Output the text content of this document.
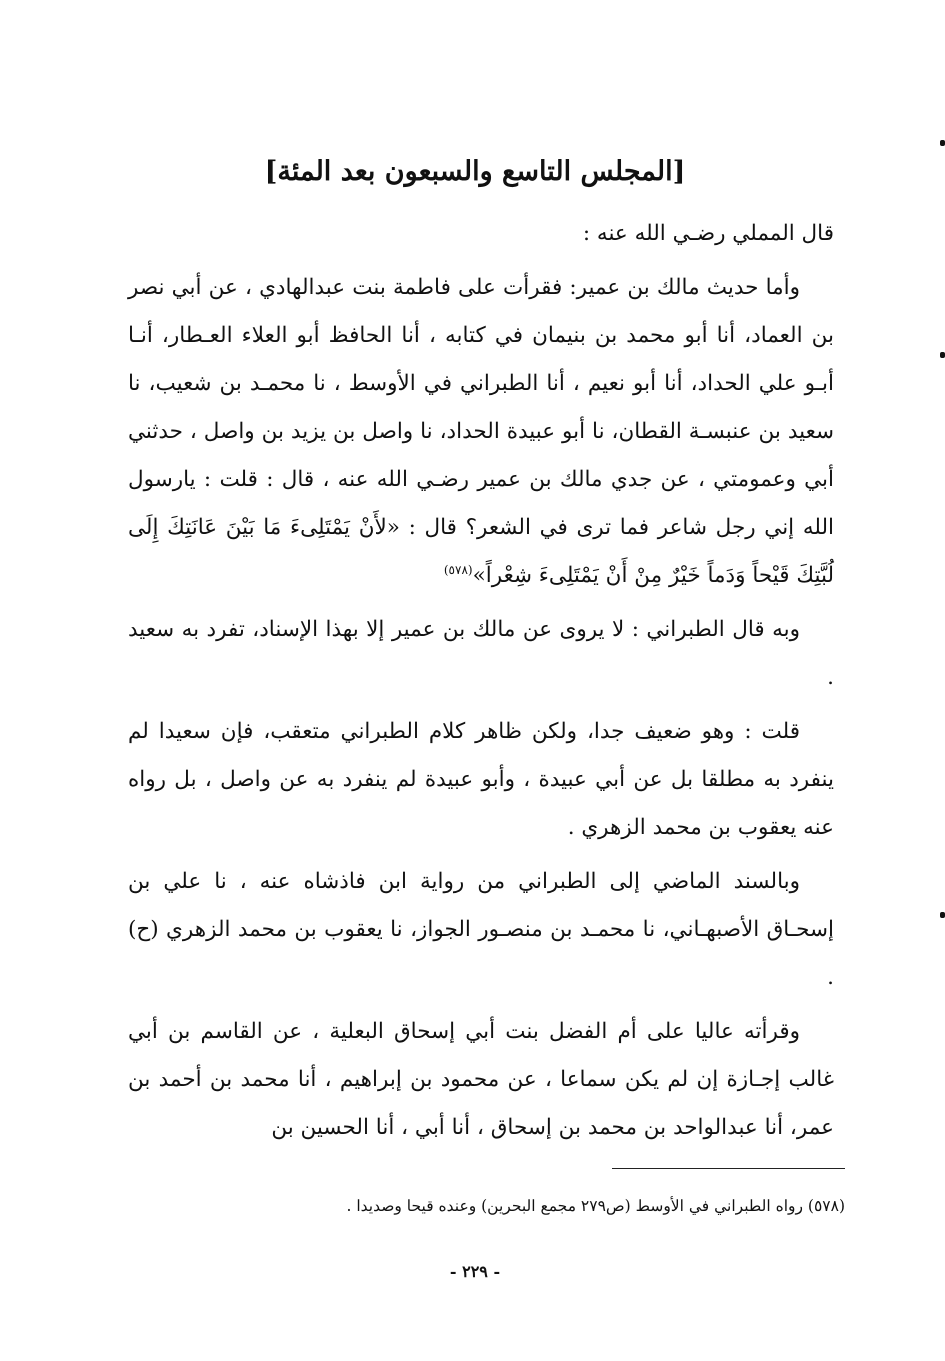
[المجلس التاسع والسبعون بعد المئة]

قال المملي رضـي الله عنه :

وأما حديث مالك بن عمير: فقرأت على فاطمة بنت عبدالهادي ، عن أبي نصر بن العماد، أنا أبو محمد بن بنيمان في كتابه ، أنا الحافظ أبو العلاء العـطار، أنـا أبـو علي الحداد، أنا أبو نعيم ، أنا الطبراني في الأوسط ، نا محمـد بن شعيب، نا سعيد بن عنبسـة القطان، نا أبو عبيدة الحداد، نا واصل بن يزيد بن واصل ، حدثني أبي وعمومتي ، عن جدي مالك بن عمير رضـي الله عنه ، قال : قلت : يارسول الله إني رجل شاعر فما ترى في الشعر؟ قال : «لأَنْ يَمْتَلِىءَ مَا بَيْنَ عَانَتِكَ إِلَى لُبَّتِكَ قَيْحاً وَدَماً خَيْرٌ مِنْ أَنْ يَمْتَلِىءَ شِعْراً»$^{(٥٧٨)}$

وبه قال الطبراني : لا يروى عن مالك بن عمير إلا بهذا الإسناد، تفرد به سعيد .

قلت : وهو ضعيف جدا، ولكن ظاهر كلام الطبراني متعقب، فإن سعيدا لم ينفرد به مطلقا بل عن أبي عبيدة ، وأبو عبيدة لم ينفرد به عن واصل ، بل رواه عنه يعقوب بن محمد الزهري .

وبالسند الماضي إلى الطبراني من رواية ابن فاذشاه عنه ، نا علي بن إسحـاق الأصبهـاني، نا محمـد بن منصـور الجواز، نا يعقوب بن محمد الزهري (ح) .

وقرأته عاليا على أم الفضل بنت أبي إسحاق البعلية ، عن القاسم بن أبي غالب إجـازة إن لم يكن سماعا ، عن محمود بن إبراهيم ، أنا محمد بن أحمد بن عمر، أنا عبدالواحد بن محمد بن إسحاق ، أنا أبي ، أنا الحسين بن

(٥٧٨) رواه الطبراني في الأوسط (ص٢٧٩ مجمع البحرين) وعنده قيحا وصديدا .
- ٢٢٩ -
